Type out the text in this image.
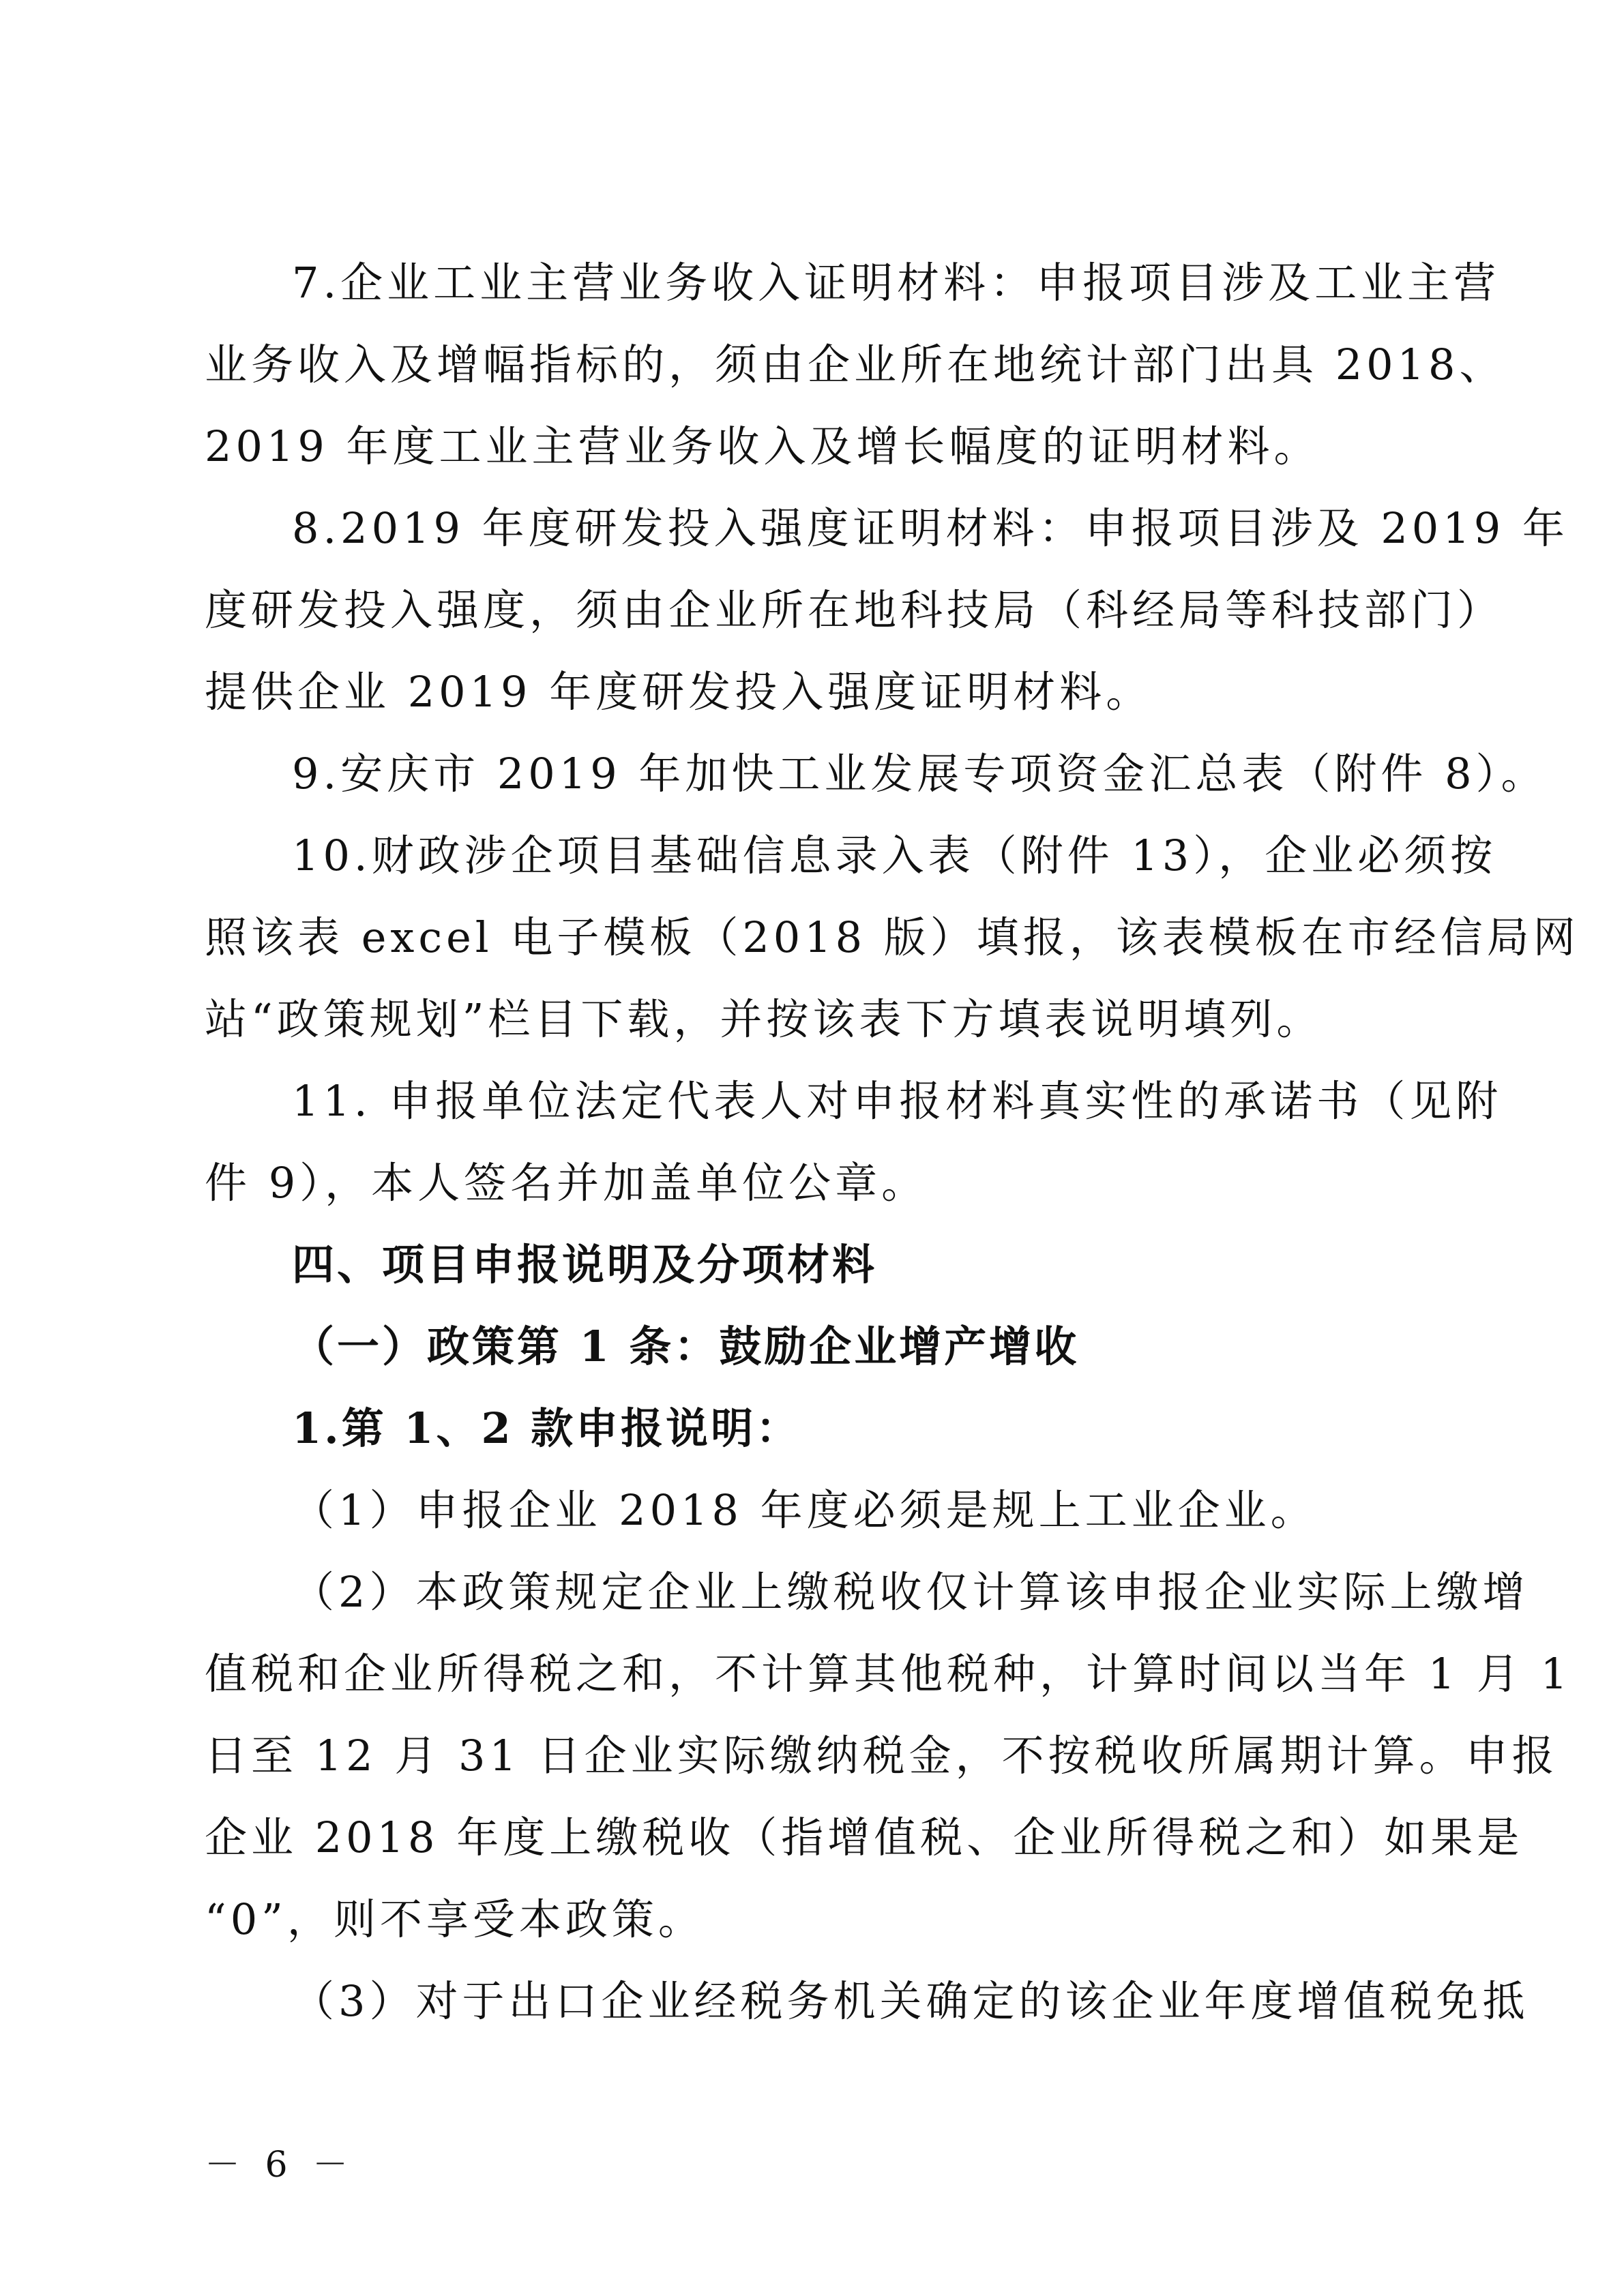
7.企业工业主营业务收入证明材料：申报项目涉及工业主营
业务收入及增幅指标的，须由企业所在地统计部门出具 2018、
2019 年度工业主营业务收入及增长幅度的证明材料。
8.2019 年度研发投入强度证明材料：申报项目涉及 2019 年
度研发投入强度，须由企业所在地科技局（科经局等科技部门）
提供企业 2019 年度研发投入强度证明材料。
9.安庆市 2019 年加快工业发展专项资金汇总表（附件 8）。
10.财政涉企项目基础信息录入表（附件 13），企业必须按
照该表 excel 电子模板（2018 版）填报，该表模板在市经信局网
站“政策规划”栏目下载，并按该表下方填表说明填列。
11. 申报单位法定代表人对申报材料真实性的承诺书（见附
件 9），本人签名并加盖单位公章。
四、项目申报说明及分项材料
（一）政策第 1 条：鼓励企业增产增收
1.第 1、2 款申报说明：
（1）申报企业 2018 年度必须是规上工业企业。
（2）本政策规定企业上缴税收仅计算该申报企业实际上缴增
值税和企业所得税之和，不计算其他税种，计算时间以当年 1 月 1
日至 12 月 31 日企业实际缴纳税金，不按税收所属期计算。申报
企业 2018 年度上缴税收（指增值税、企业所得税之和）如果是
“0”，则不享受本政策。
（3）对于出口企业经税务机关确定的该企业年度增值税免抵
－ 6 －
